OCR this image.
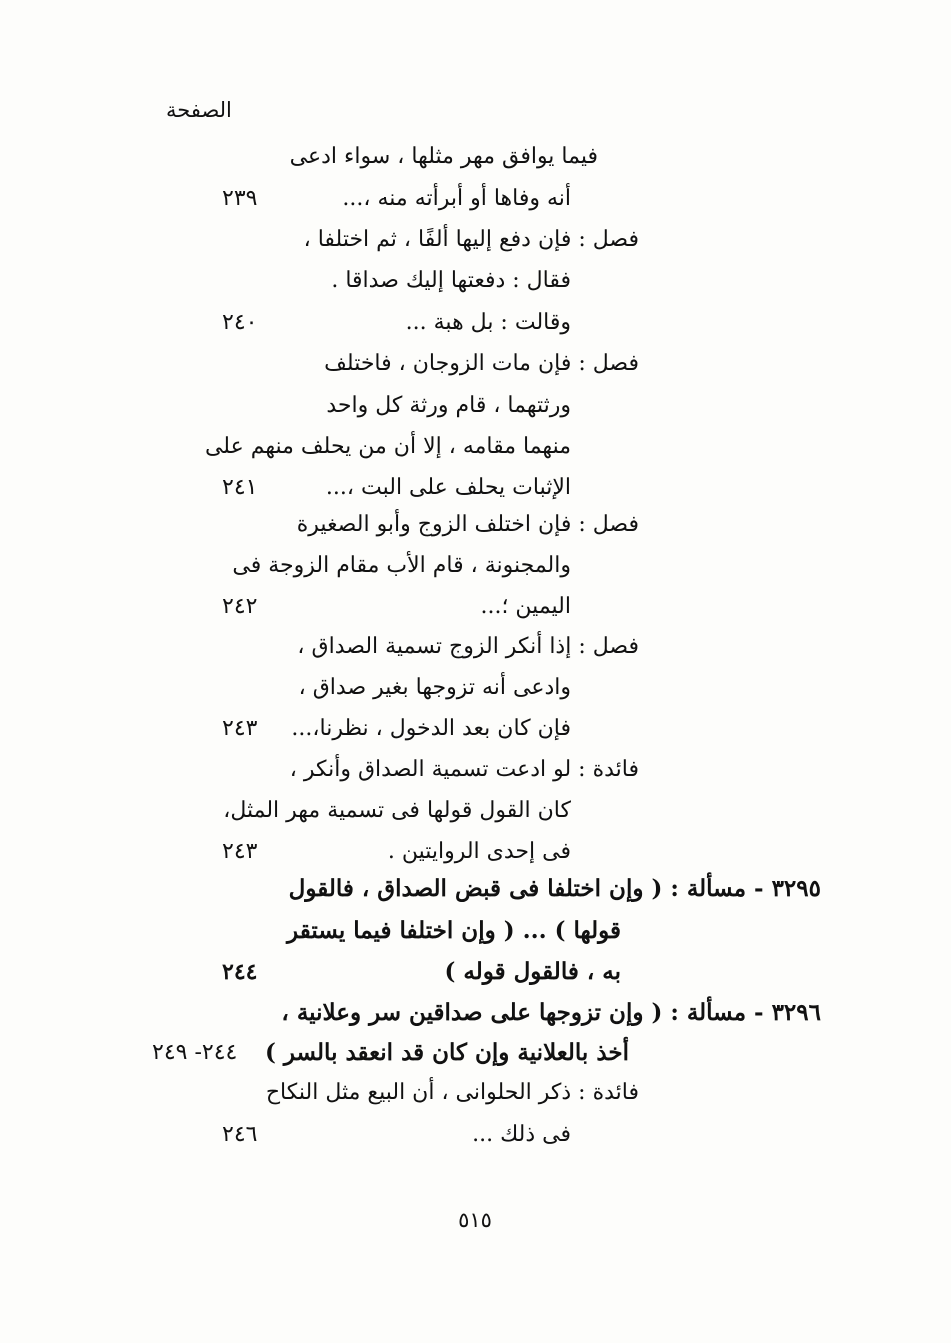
الصفحة
فيما يوافق مهر مثلها ، سواء ادعى
أنه وفاها أو أبرأته منه ،...
٢٣٩
فصل : فإن دفع إليها ألفًا ، ثم اختلفا ،
فقال : دفعتها إليك صداقا .
وقالت : بل هبة ...
٢٤٠
فصل : فإن مات الزوجان ، فاختلف
ورثتهما ، قام ورثة كل واحد
منهما مقامه ، إلا أن من يحلف منهم على
الإثبات يحلف على البت ،...
٢٤١
فصل : فإن اختلف الزوج وأبو الصغيرة
والمجنونة ، قام الأب مقام الزوجة فى
اليمين ؛...
٢٤٢
فصل : إذا أنكر الزوج تسمية الصداق ،
وادعى أنه تزوجها بغير صداق ،
فإن كان بعد الدخول ، نظرنا،...
٢٤٣
فائدة : لو ادعت تسمية الصداق وأنكر ،
كان القول قولها فى تسمية مهر المثل،
فى إحدى الروايتين .
٢٤٣
٣٢٩٥ - مسألة : ( وإن اختلفا فى قبض الصداق ، فالقول
قولها ) ... ( وإن اختلفا فيما يستقر
به ، فالقول قوله )
٢٤٤
٣٢٩٦ - مسألة : ( وإن تزوجها على صداقين سر وعلانية ،
أخذ بالعلانية وإن كان قد انعقد بالسر )
٢٤٤- ٢٤٩
فائدة : ذكر الحلوانى ، أن البيع مثل النكاح
فى ذلك ...
٢٤٦
٥١٥
